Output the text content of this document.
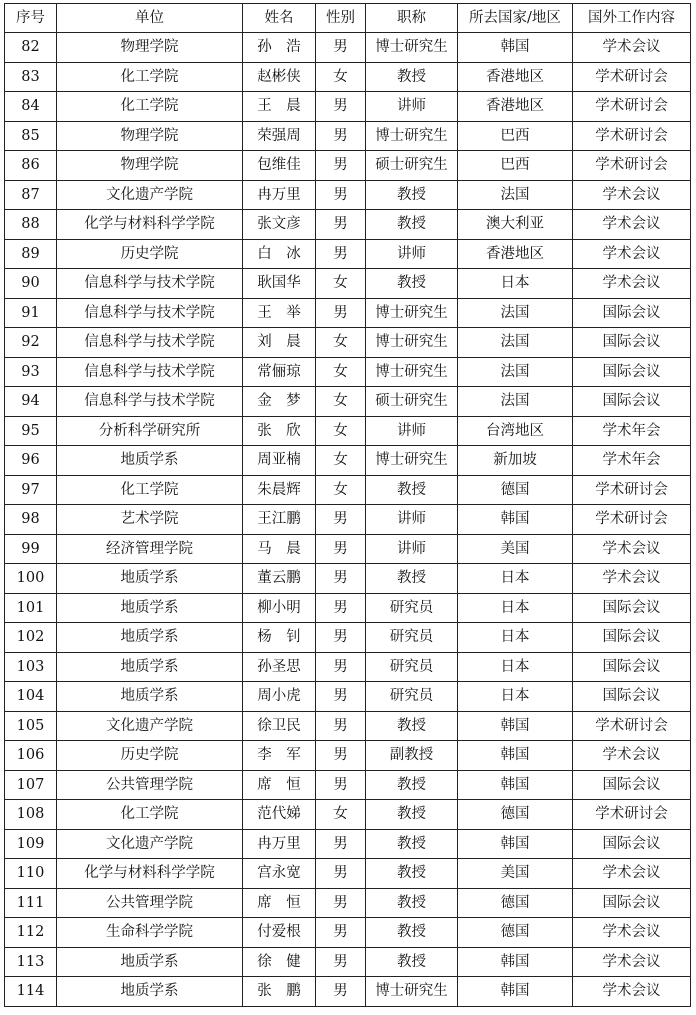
序号	单位	姓名	性别	职称	所去国家/地区	国外工作内容
82	物理学院	孙　浩	男	博士研究生	韩国	学术会议
83	化工学院	赵彬侠	女	教授	香港地区	学术研讨会
84	化工学院	王　晨	男	讲师	香港地区	学术研讨会
85	物理学院	荣强周	男	博士研究生	巴西	学术研讨会
86	物理学院	包维佳	男	硕士研究生	巴西	学术研讨会
87	文化遗产学院	冉万里	男	教授	法国	学术会议
88	化学与材料科学学院	张文彦	男	教授	澳大利亚	学术会议
89	历史学院	白　冰	男	讲师	香港地区	学术会议
90	信息科学与技术学院	耿国华	女	教授	日本	学术会议
91	信息科学与技术学院	王　举	男	博士研究生	法国	国际会议
92	信息科学与技术学院	刘　晨	女	博士研究生	法国	国际会议
93	信息科学与技术学院	常俪琼	女	博士研究生	法国	国际会议
94	信息科学与技术学院	金　梦	女	硕士研究生	法国	国际会议
95	分析科学研究所	张　欣	女	讲师	台湾地区	学术年会
96	地质学系	周亚楠	女	博士研究生	新加坡	学术年会
97	化工学院	朱晨辉	女	教授	德国	学术研讨会
98	艺术学院	王江鹏	男	讲师	韩国	学术研讨会
99	经济管理学院	马　晨	男	讲师	美国	学术会议
100	地质学系	董云鹏	男	教授	日本	学术会议
101	地质学系	柳小明	男	研究员	日本	国际会议
102	地质学系	杨　钊	男	研究员	日本	国际会议
103	地质学系	孙圣思	男	研究员	日本	国际会议
104	地质学系	周小虎	男	研究员	日本	国际会议
105	文化遗产学院	徐卫民	男	教授	韩国	学术研讨会
106	历史学院	李　军	男	副教授	韩国	学术会议
107	公共管理学院	席　恒	男	教授	韩国	国际会议
108	化工学院	范代娣	女	教授	德国	学术研讨会
109	文化遗产学院	冉万里	男	教授	韩国	国际会议
110	化学与材料科学学院	宫永宽	男	教授	美国	学术会议
111	公共管理学院	席　恒	男	教授	德国	国际会议
112	生命科学学院	付爱根	男	教授	德国	学术会议
113	地质学系	徐　健	男	教授	韩国	学术会议
114	地质学系	张　鹏	男	博士研究生	韩国	学术会议
